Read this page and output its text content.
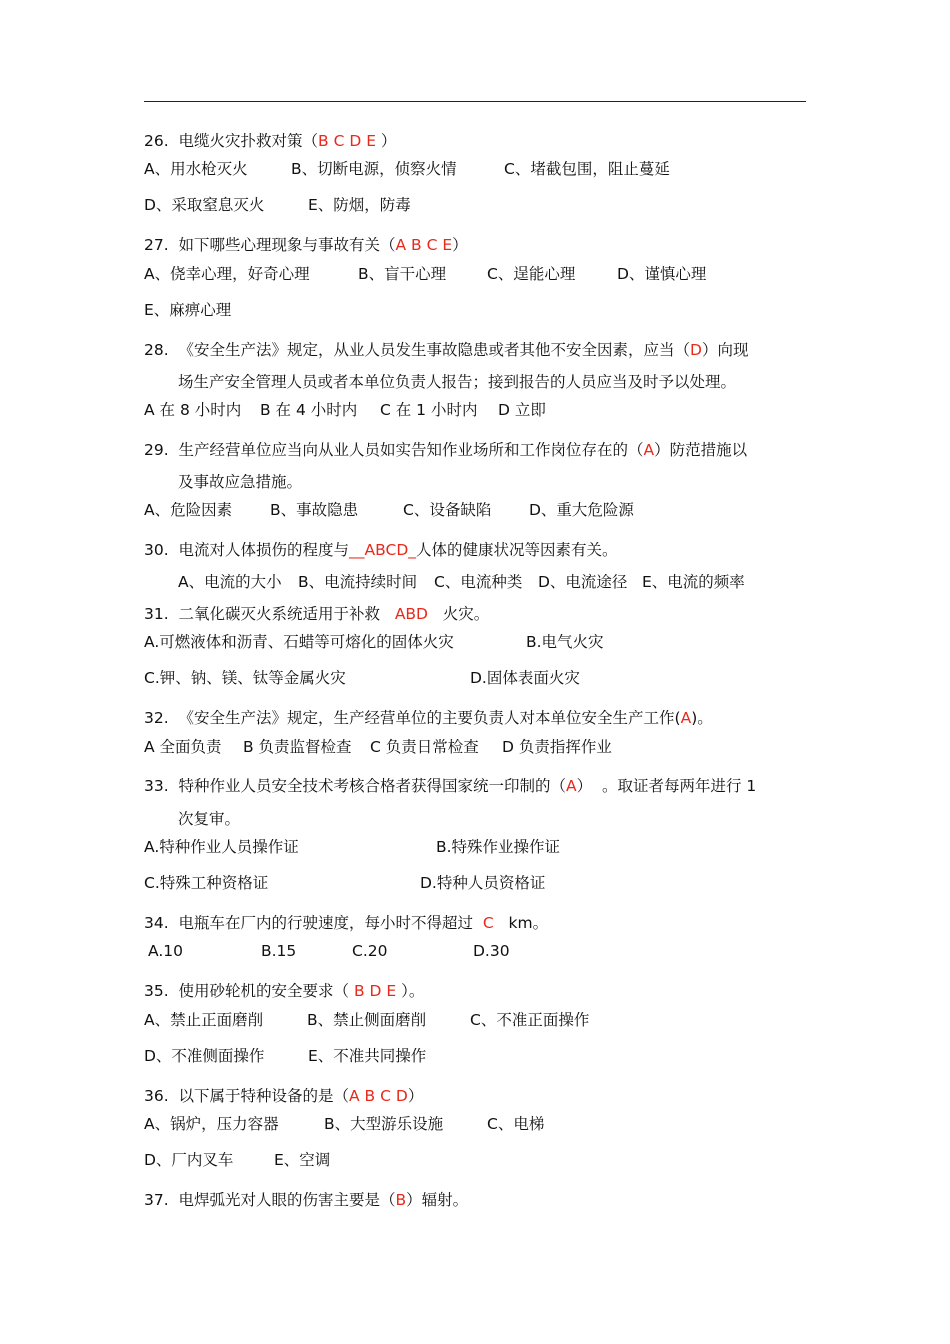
26. 电缆火灾扑救对策（B C D E ）
A、用水枪灭火	B、切断电源，侦察火情	C、堵截包围，阻止蔓延
D、采取窒息灭火	E、防烟，防毒
27. 如下哪些心理现象与事故有关（A B C E）
A、侥幸心理，好奇心理	B、盲干心理	C、逞能心理	D、谨慎心理
E、麻痹心理
28. 《安全生产法》规定，从业人员发生事故隐患或者其他不安全因素，应当（D）向现
场生产安全管理人员或者本单位负责人报告；接到报告的人员应当及时予以处理。
A 在 8 小时内 B 在 4 小时内 C 在 1 小时内 D 立即
29. 生产经营单位应当向从业人员如实告知作业场所和工作岗位存在的（A）防范措施以
及事故应急措施。
A、危险因素 B、事故隐患	C、设备缺陷 D、重大危险源
30. 电流对人体损伤的程度与__ABCD_人体的健康状况等因素有关。
A、电流的大小 B、电流持续时间 C、电流种类 D、电流途径 E、电流的频率
31. 二氧化碳灭火系统适用于补救 ABD 火灾。
A.可燃液体和沥青、石蜡等可熔化的固体火灾	B.电气火灾
C.钾、钠、镁、钛等金属火灾	D.固体表面火灾
32. 《安全生产法》规定，生产经营单位的主要负责人对本单位安全生产工作(A)。
A 全面负责 B 负责监督检查 C 负责日常检查 D 负责指挥作业
33. 特种作业人员安全技术考核合格者获得国家统一印制的（A）  。取证者每两年进行 1
次复审。
A.特种作业人员操作证	B.特殊作业操作证
C.特殊工种资格证	D.特种人员资格证
34. 电瓶车在厂内的行驶速度，每小时不得超过 C km。
A.10	B.15	C.20	D.30
35. 使用砂轮机的安全要求（ B D E ）。
A、禁止正面磨削	B、禁止侧面磨削	C、不准正面操作
D、不准侧面操作	E、不准共同操作
36. 以下属于特种设备的是（A B C D）
A、锅炉，压力容器	B、大型游乐设施	C、电梯
D、厂内叉车	E、空调
37. 电焊弧光对人眼的伤害主要是（B）辐射。
